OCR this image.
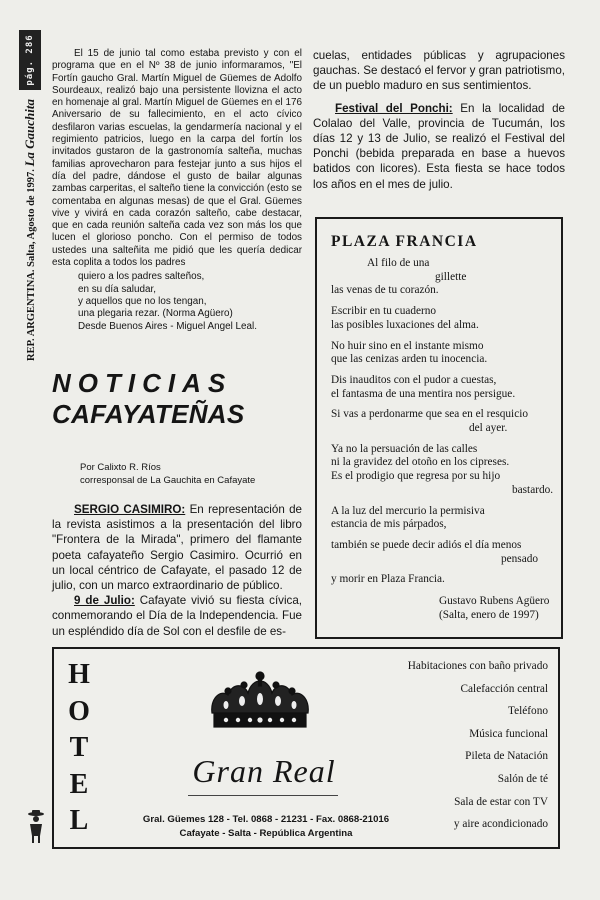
pág. 286
REP. ARGENTINA. Salta, Agosto de 1997. La Gauchita

El 15 de junio tal como estaba previsto y con el programa que en el Nº 38 de junio informaramos, "El Fortín gaucho Gral. Martín Miguel de Güemes de Adolfo Sourdeaux, realizó bajo una persistente llovizna el acto en homenaje al gral. Martín Miguel de Güemes en el 176 Aniversario de su fallecimiento, en el acto cívico desfilaron varias escuelas, la gendarmería nacional y el regimiento patricios, luego en la carpa del fortín los invitados gustaron de la gastronomía salteña, muchas familias aprovecharon para festejar junto a sus hijos el día del padre, dándose el gusto de bailar algunas zambas carperitas, el salteño tiene la convicción (esto se comentaba en algunas mesas) de que el Gral. Güemes vive y vivirá en cada corazón salteño, cabe destacar, que en cada reunión salteña cada vez son más los que lucen el glorioso poncho. Con el permiso de todos ustedes una salteñita me pidió que les quería dedicar esta coplita a todos los padres

quiero a los padres salteños,
en su día saludar,
y aquellos que no los tengan,
una plegaria rezar. (Norma Agüero)
Desde Buenos Aires - Miguel Angel Leal.
NOTICIAS
CAFAYATEÑAS
Por Calixto R. Ríos
corresponsal de La Gauchita en Cafayate

SERGIO CASIMIRO: En representación de la revista asistimos a la presentación del libro "Frontera de la Mirada", primero del flamante poeta cafayateño Sergio Casimiro. Ocurrió en un local céntrico de Cafayate, el pasado 12 de julio, con un marco extraordinario de público.

9 de Julio: Cafayate vivió su fiesta cívica, conmemorando el Día de la Independencia. Fue un espléndido día de Sol con el desfile de es-

cuelas, entidades públicas y agrupaciones gauchas. Se destacó el fervor y gran patriotismo, de un pueblo maduro en sus sentimientos.

Festival del Ponchi: En la localidad de Colalao del Valle, provincia de Tucumán, los días 12 y 13 de Julio, se realizó el Festival del Ponchi (bebida preparada en base a huevos batidos con licores). Esta fiesta se hace todos los años en el mes de julio.

PLAZA FRANCIA
Al filo de una
gillette
las venas de tu corazón.
Escribir en tu cuaderno
las posibles luxaciones del alma.
No huir sino en el instante mismo
que las cenizas arden tu inocencia.
Dis inauditos con el pudor a cuestas,
el fantasma de una mentira nos persigue.
Si vas a perdonarme que sea en el resquicio
del ayer.
Ya no la persuación de las calles
ni la gravidez del otoño en los cipreses.
Es el prodigio que regresa por su hijo
bastardo.
A la luz del mercurio la permisiva
estancia de mis párpados,
también se puede decir adiós el día menos
pensado
y morir en Plaza Francia.
Gustavo Rubens Agüero
(Salta, enero de 1997)
H
O
T
E
L
Gran Real
Gral. Güemes 128 - Tel. 0868 - 21231 - Fax. 0868-21016
Cafayate - Salta - República Argentina
Habitaciones con baño privado
Calefacción central
Teléfono
Música funcional
Pileta de Natación
Salón de té
Sala de estar con TV
y aire acondicionado
